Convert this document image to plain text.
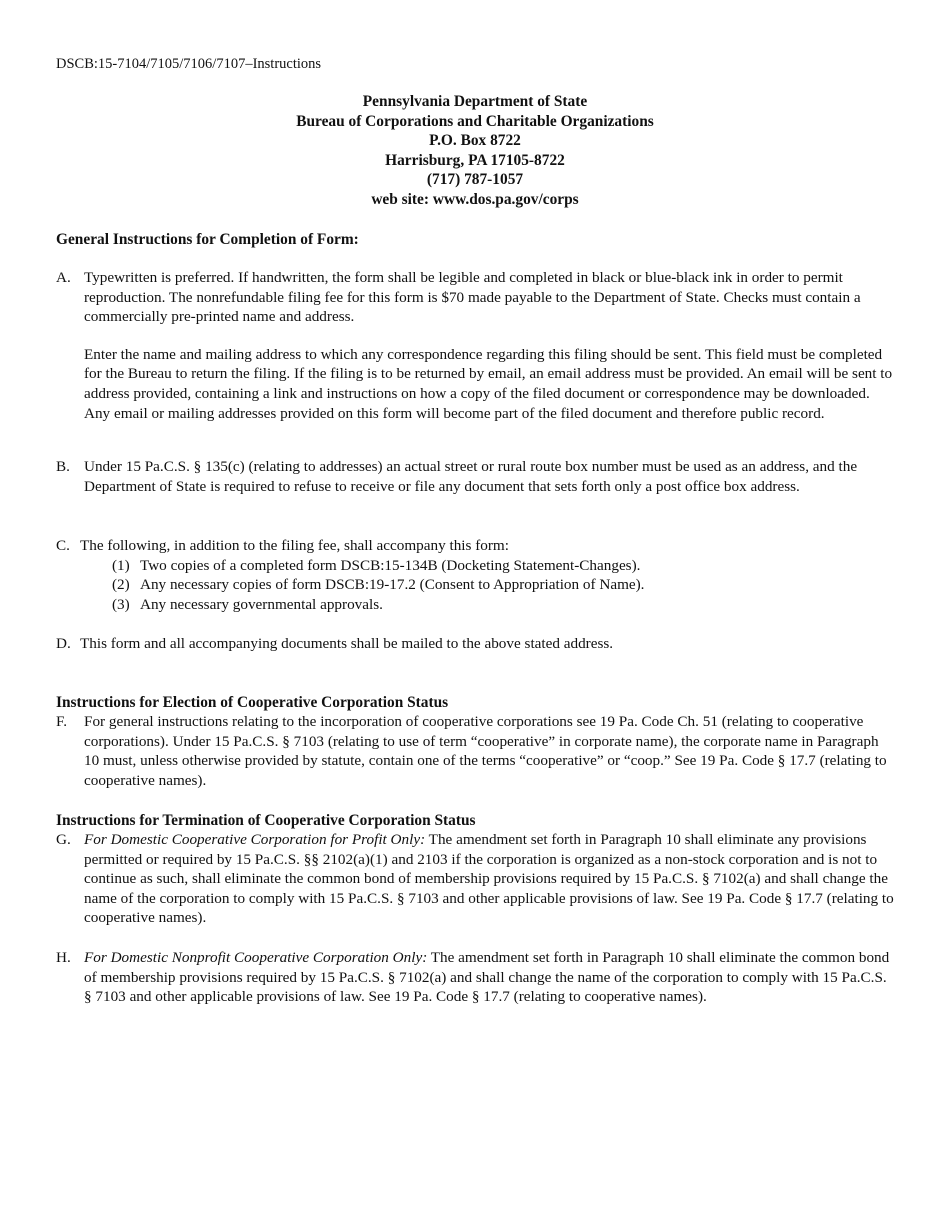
DSCB:15-7104/7105/7106/7107–Instructions
Pennsylvania Department of State
Bureau of Corporations and Charitable Organizations
P.O. Box 8722
Harrisburg, PA 17105-8722
(717) 787-1057
web site: www.dos.pa.gov/corps
General Instructions for Completion of Form:
A. Typewritten is preferred. If handwritten, the form shall be legible and completed in black or blue-black ink in order to permit reproduction. The nonrefundable filing fee for this form is $70 made payable to the Department of State. Checks must contain a commercially pre-printed name and address.

Enter the name and mailing address to which any correspondence regarding this filing should be sent. This field must be completed for the Bureau to return the filing. If the filing is to be returned by email, an email address must be provided. An email will be sent to address provided, containing a link and instructions on how a copy of the filed document or correspondence may be downloaded. Any email or mailing addresses provided on this form will become part of the filed document and therefore public record.

B. Under 15 Pa.C.S. § 135(c) (relating to addresses) an actual street or rural route box number must be used as an address, and the Department of State is required to refuse to receive or file any document that sets forth only a post office box address.

C. The following, in addition to the filing fee, shall accompany this form:

(1) Two copies of a completed form DSCB:15-134B (Docketing Statement-Changes).
(2) Any necessary copies of form DSCB:19-17.2 (Consent to Appropriation of Name).
(3) Any necessary governmental approvals.
D. This form and all accompanying documents shall be mailed to the above stated address.

Instructions for Election of Cooperative Corporation Status
F. For general instructions relating to the incorporation of cooperative corporations see 19 Pa. Code Ch. 51 (relating to cooperative corporations). Under 15 Pa.C.S. § 7103 (relating to use of term “cooperative” in corporate name), the corporate name in Paragraph 10 must, unless otherwise provided by statute, contain one of the terms “cooperative” or “coop.” See 19 Pa. Code § 17.7 (relating to cooperative names).

Instructions for Termination of Cooperative Corporation Status
G. For Domestic Cooperative Corporation for Profit Only: The amendment set forth in Paragraph 10 shall eliminate any provisions permitted or required by 15 Pa.C.S. §§ 2102(a)(1) and 2103 if the corporation is organized as a non-stock corporation and is not to continue as such, shall eliminate the common bond of membership provisions required by 15 Pa.C.S. § 7102(a) and shall change the name of the corporation to comply with 15 Pa.C.S. § 7103 and other applicable provisions of law. See 19 Pa. Code § 17.7 (relating to cooperative names).

H. For Domestic Nonprofit Cooperative Corporation Only: The amendment set forth in Paragraph 10 shall eliminate the common bond of membership provisions required by 15 Pa.C.S. § 7102(a) and shall change the name of the corporation to comply with 15 Pa.C.S. § 7103 and other applicable provisions of law. See 19 Pa. Code § 17.7 (relating to cooperative names).
